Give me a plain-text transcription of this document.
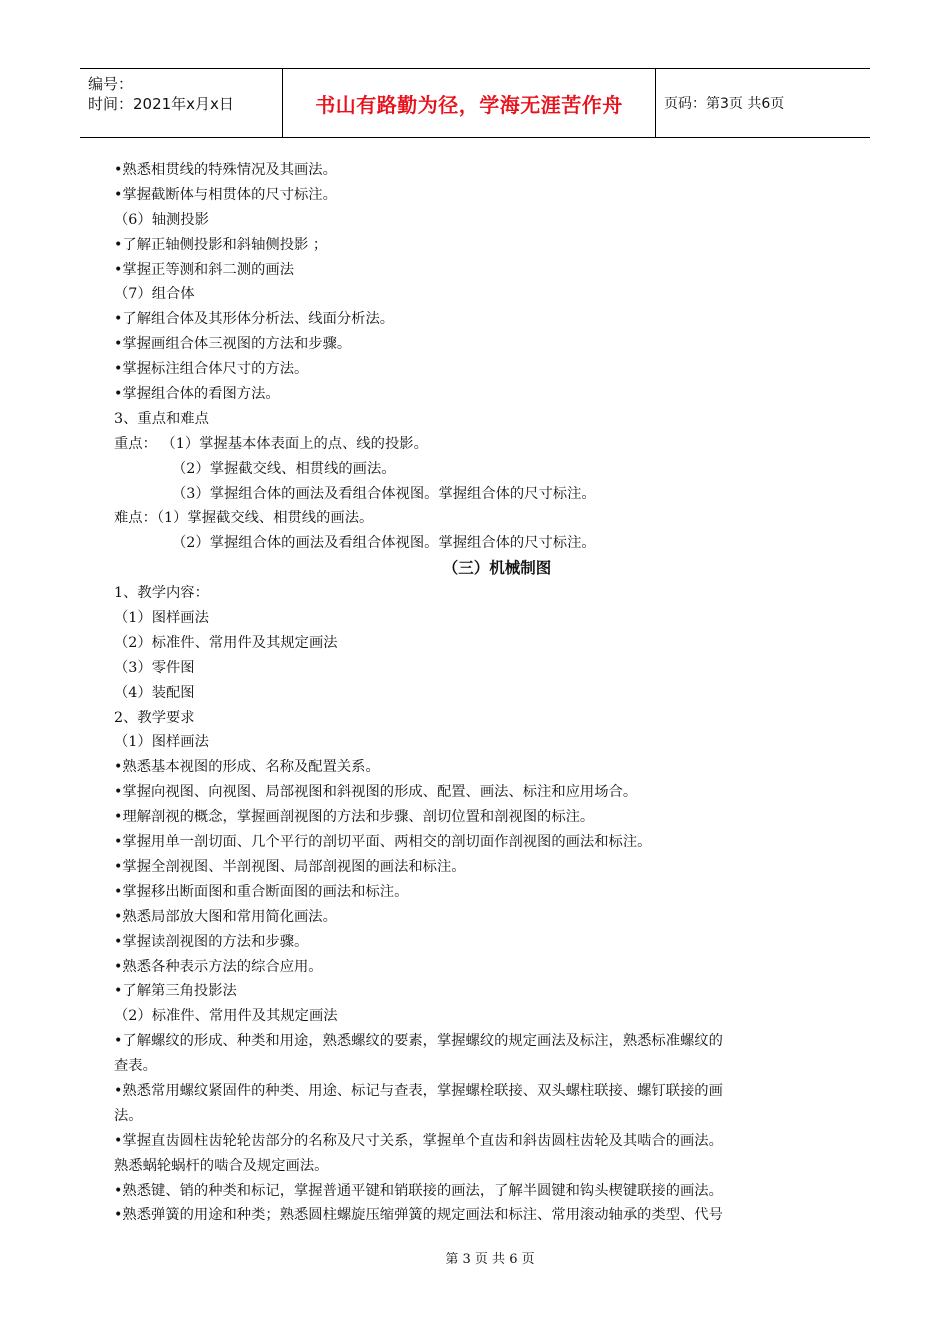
编号：
时间：2021年x月x日	书山有路勤为径，学海无涯苦作舟	页码：第3页 共6页
•熟悉相贯线的特殊情况及其画法。
•掌握截断体与相贯体的尺寸标注。
（6）轴测投影
•了解正轴侧投影和斜轴侧投影 ；
•掌握正等测和斜二测的画法
（7）组合体
•了解组合体及其形体分析法、线面分析法。
•掌握画组合体三视图的方法和步骤。
•掌握标注组合体尺寸的方法。
•掌握组合体的看图方法。
3、重点和难点
重点： （1）掌握基本体表面上的点、线的投影。
（2）掌握截交线、相贯线的画法。
（3）掌握组合体的画法及看组合体视图。掌握组合体的尺寸标注。
难点：（1）掌握截交线、相贯线的画法。
（2）掌握组合体的画法及看组合体视图。掌握组合体的尺寸标注。
（三）机械制图
1、教学内容：
（1）图样画法
（2）标准件、常用件及其规定画法
（3）零件图
（4）装配图
2、教学要求
（1）图样画法
•熟悉基本视图的形成、名称及配置关系。
•掌握向视图、向视图、局部视图和斜视图的形成、配置、画法、标注和应用场合。
•理解剖视的概念，掌握画剖视图的方法和步骤、剖切位置和剖视图的标注。
•掌握用单一剖切面、几个平行的剖切平面、两相交的剖切面作剖视图的画法和标注。
•掌握全剖视图、半剖视图、局部剖视图的画法和标注。
•掌握移出断面图和重合断面图的画法和标注。
•熟悉局部放大图和常用简化画法。
•掌握读剖视图的方法和步骤。
•熟悉各种表示方法的综合应用。
•了解第三角投影法
（2）标准件、常用件及其规定画法
•了解螺纹的形成、种类和用途，熟悉螺纹的要素，掌握螺纹的规定画法及标注，熟悉标准螺纹的
查表。
•熟悉常用螺纹紧固件的种类、用途、标记与查表，掌握螺栓联接、双头螺柱联接、螺钉联接的画
法。
•掌握直齿圆柱齿轮轮齿部分的名称及尺寸关系，掌握单个直齿和斜齿圆柱齿轮及其啮合的画法。
熟悉蜗轮蜗杆的啮合及规定画法。
•熟悉键、销的种类和标记，掌握普通平键和销联接的画法，了解半圆键和钩头楔键联接的画法。
•熟悉弹簧的用途和种类；熟悉圆柱螺旋压缩弹簧的规定画法和标注、常用滚动轴承的类型、代号
第 3 页 共 6 页
